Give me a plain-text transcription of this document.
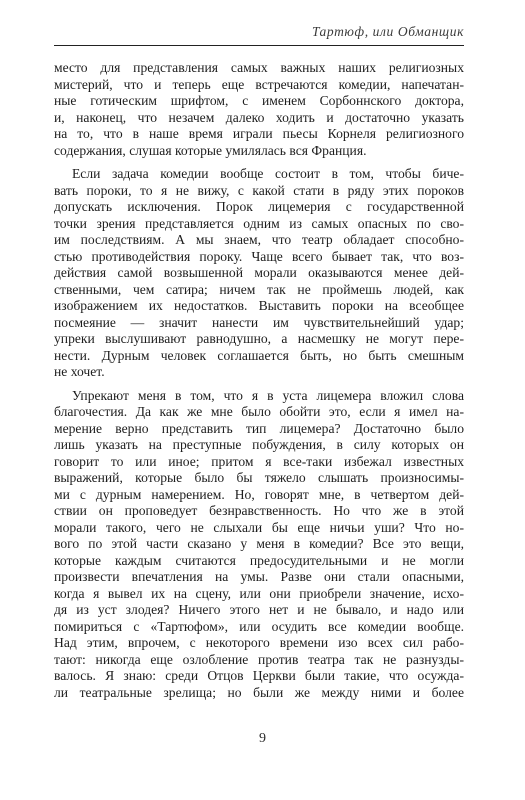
Тартюф, или Обманщик

место для представления самых важных наших религиозных
мистерий, что и теперь еще встречаются комедии, напечатан-
ные готическим шрифтом, с именем Сорбоннского доктора,
и, наконец, что незачем далеко ходить и достаточно указать
на то, что в наше время играли пьесы Корнеля религиозного
содержания, слушая которые умилялась вся Франция.

Если задача комедии вообще состоит в том, чтобы бичe-
вать пороки, то я не вижу, с какой стати в ряду этих пороков
допускать исключения. Порок лицемерия с государственной
точки зрения представляется одним из самых опасных по сво-
им последствиям. А мы знаем, что театр обладает способно-
стью противодействия пороку. Чаще всего бывает так, что воз-
действия самой возвышенной морали оказываются менее дей-
ственными, чем сатира; ничем так не проймешь людей, как
изображением их недостатков. Выставить пороки на всеобщее
посмеяние — значит нанести им чувствительнейший удар;
упреки выслушивают равнодушно, а насмешку не могут пере-
нести. Дурным человек соглашается быть, но быть смешным
не хочет.

Упрекают меня в том, что я в уста лицемера вложил слова
благочестия. Да как же мне было обойти это, если я имел на-
мерение верно представить тип лицемера? Достаточно было
лишь указать на преступные побуждения, в силу которых он
говорит то или иное; притом я все-таки избежал известных
выражений, которые было бы тяжело слышать произносимы-
ми с дурным намерением. Но, говорят мне, в четвертом дей-
ствии он проповедует безнравственность. Но что же в этой
морали такого, чего не слыхали бы еще ничьи уши? Что но-
вого по этой части сказано у меня в комедии? Все это вещи,
которые каждым считаются предосудительными и не могли
произвести впечатления на умы. Разве они стали опасными,
когда я вывел их на сцену, или они приобрели значение, исхо-
дя из уст злодея? Ничего этого нет и не бывало, и надо или
помириться с «Тартюфом», или осудить все комедии вообще.
Над этим, впрочем, с некоторого времени изо всех сил рабо-
тают: никогда еще озлобление против театра так не разнузды-
валось. Я знаю: среди Отцов Церкви были такие, что осужда-
ли театральные зрелища; но были же между ними и более

9
